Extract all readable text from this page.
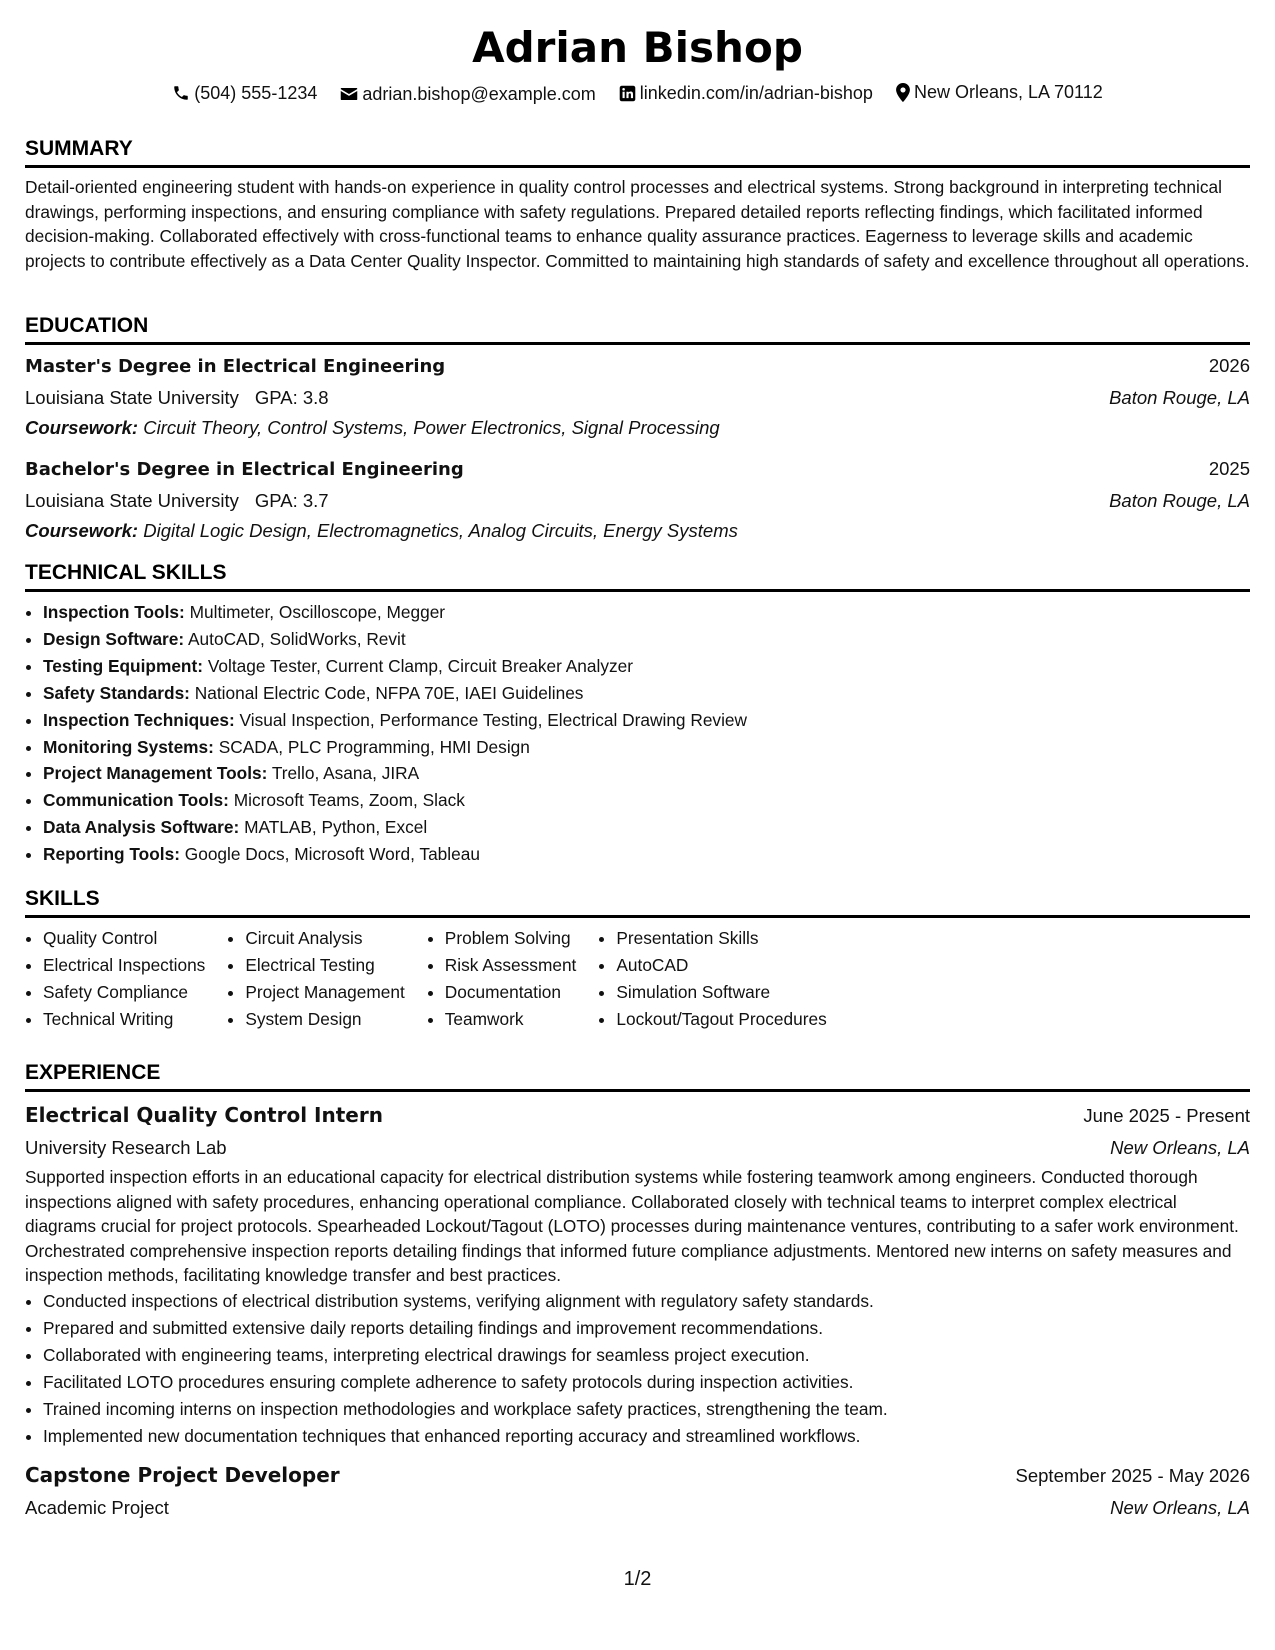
Adrian Bishop
(504) 555-1234
	adrian.bishop@example.com
linkedin.com/in/adrian-bishop
New Orleans, LA 70112
SUMMARY

Detail-oriented engineering student with hands-on experience in quality control processes and electrical systems. Strong background in interpreting technical drawings, performing inspections, and ensuring compliance with safety regulations. Prepared detailed reports reflecting findings, which facilitated informed decision-making. Collaborated effectively with cross-functional teams to enhance quality assurance practices. Eagerness to leverage skills and academic projects to contribute effectively as a Data Center Quality Inspector. Committed to maintaining high standards of safety and excellence throughout all operations.

EDUCATION
Master's Degree in Electrical Engineering	2026
Louisiana State University GPA: 3.8	Baton Rouge, LA
Coursework: Circuit Theory, Control Systems, Power Electronics, Signal Processing
Bachelor's Degree in Electrical Engineering	2025
Louisiana State University GPA: 3.7	Baton Rouge, LA
Coursework: Digital Logic Design, Electromagnetics, Analog Circuits, Energy Systems
TECHNICAL SKILLS
• Inspection Tools: Multimeter, Oscilloscope, Megger
• Design Software: AutoCAD, SolidWorks, Revit
• Testing Equipment: Voltage Tester, Current Clamp, Circuit Breaker Analyzer
• Safety Standards: National Electric Code, NFPA 70E, IAEI Guidelines
• Inspection Techniques: Visual Inspection, Performance Testing, Electrical Drawing Review
• Monitoring Systems: SCADA, PLC Programming, HMI Design
• Project Management Tools: Trello, Asana, JIRA
• Communication Tools: Microsoft Teams, Zoom, Slack
• Data Analysis Software: MATLAB, Python, Excel
• Reporting Tools: Google Docs, Microsoft Word, Tableau
SKILLS
• Quality Control
• Electrical Inspections
• Safety Compliance
• Technical Writing
• Circuit Analysis
• Electrical Testing
• Project Management
• System Design
• Problem Solving
• Risk Assessment
• Documentation
• Teamwork
• Presentation Skills
• AutoCAD
• Simulation Software
• Lockout/Tagout Procedures
EXPERIENCE
Electrical Quality Control Intern	June 2025 - Present
University Research Lab	New Orleans, LA

Supported inspection efforts in an educational capacity for electrical distribution systems while fostering teamwork among engineers. Conducted thorough inspections aligned with safety procedures, enhancing operational compliance. Collaborated closely with technical teams to interpret complex electrical diagrams crucial for project protocols. Spearheaded Lockout/Tagout (LOTO) processes during maintenance ventures, contributing to a safer work environment. Orchestrated comprehensive inspection reports detailing findings that informed future compliance adjustments. Mentored new interns on safety measures and inspection methods, facilitating knowledge transfer and best practices.

• Conducted inspections of electrical distribution systems, verifying alignment with regulatory safety standards.
• Prepared and submitted extensive daily reports detailing findings and improvement recommendations.
• Collaborated with engineering teams, interpreting electrical drawings for seamless project execution.
• Facilitated LOTO procedures ensuring complete adherence to safety protocols during inspection activities.
• Trained incoming interns on inspection methodologies and workplace safety practices, strengthening the team.
• Implemented new documentation techniques that enhanced reporting accuracy and streamlined workflows.
Capstone Project Developer	September 2025 - May 2026
Academic Project	New Orleans, LA
1/2
